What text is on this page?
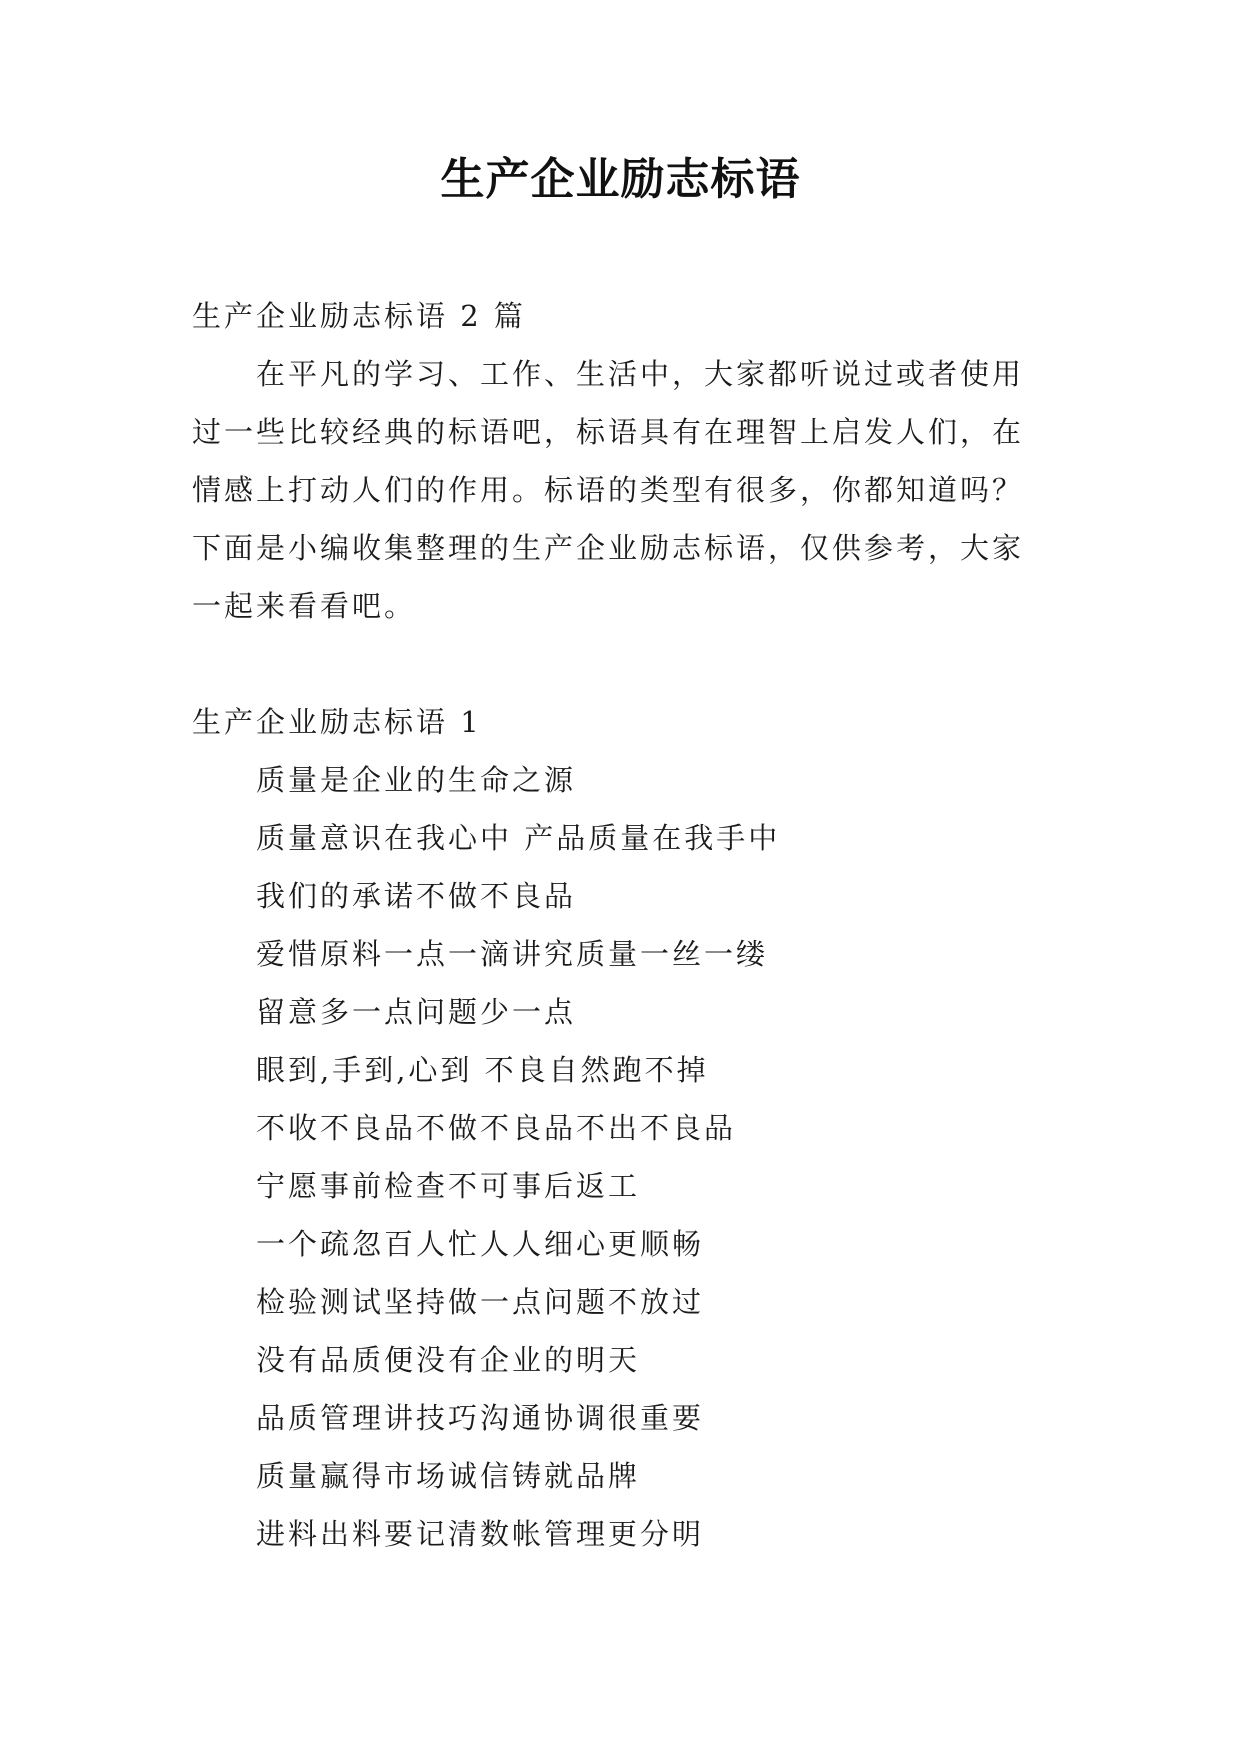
生产企业励志标语
生产企业励志标语 2 篇
在平凡的学习、工作、生活中，大家都听说过或者使用
过一些比较经典的标语吧，标语具有在理智上启发人们，在
情感上打动人们的作用。标语的类型有很多，你都知道吗？
下面是小编收集整理的生产企业励志标语，仅供参考，大家
一起来看看吧。
生产企业励志标语 1
质量是企业的生命之源
质量意识在我心中 产品质量在我手中
我们的承诺不做不良品
爱惜原料一点一滴讲究质量一丝一缕
留意多一点问题少一点
眼到,手到,心到 不良自然跑不掉
不收不良品不做不良品不出不良品
宁愿事前检查不可事后返工
一个疏忽百人忙人人细心更顺畅
检验测试坚持做一点问题不放过
没有品质便没有企业的明天
品质管理讲技巧沟通协调很重要
质量赢得市场诚信铸就品牌
进料出料要记清数帐管理更分明
